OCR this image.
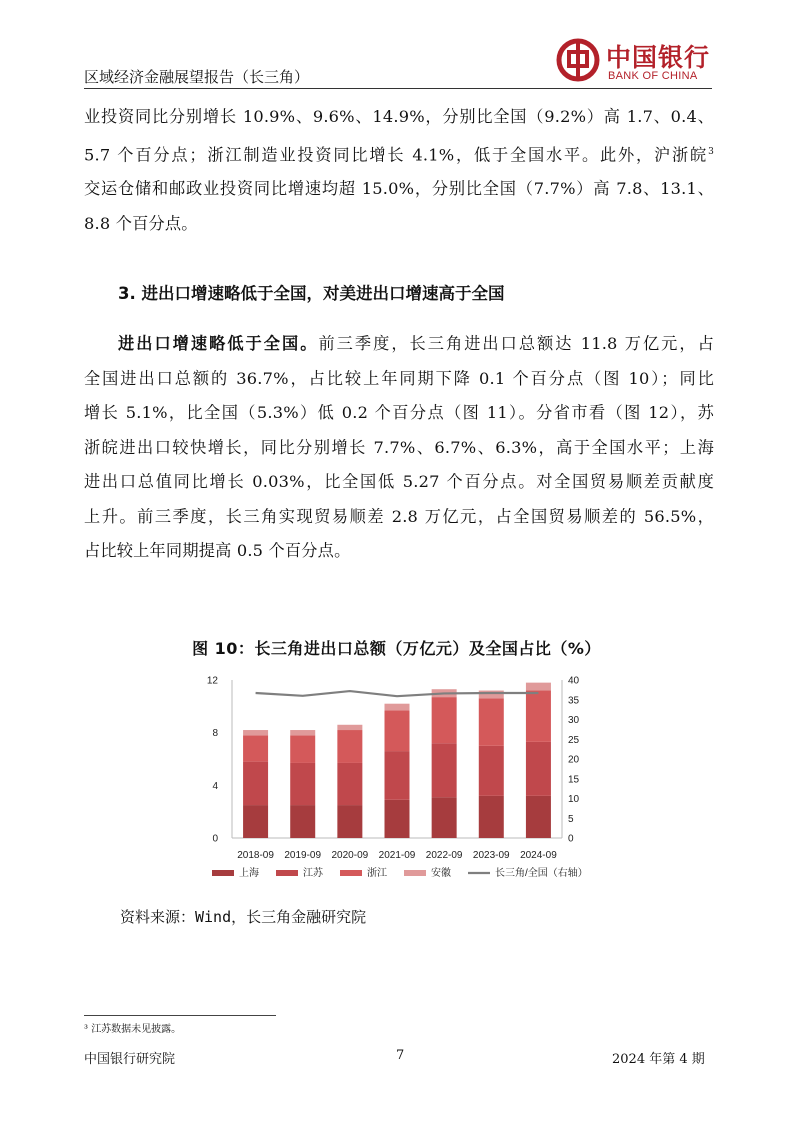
区域经济金融展望报告（长三角）
中国银行
BANK OF CHINA
业投资同比分别增长 10.9%、9.6%、14.9%，分别比全国（9.2%）高 1.7、0.4、
5.7 个百分点；浙江制造业投资同比增长 4.1%，低于全国水平。此外，沪浙皖$^3$
交运仓储和邮政业投资同比增速均超 15.0%，分别比全国（7.7%）高 7.8、13.1、
8.8 个百分点。
3. 进出口增速略低于全国，对美进出口增速高于全国
进出口增速略低于全国。前三季度，长三角进出口总额达 11.8 万亿元，占
全国进出口总额的 36.7%，占比较上年同期下降 0.1 个百分点（图 10）；同比
增长 5.1%，比全国（5.3%）低 0.2 个百分点（图 11）。分省市看（图 12），苏
浙皖进出口较快增长，同比分别增长 7.7%、6.7%、6.3%，高于全国水平；上海
进出口总值同比增长 0.03%，比全国低 5.27 个百分点。对全国贸易顺差贡献度
上升。前三季度，长三角实现贸易顺差 2.8 万亿元，占全国贸易顺差的 56.5%，
占比较上年同期提高 0.5 个百分点。
图 10：长三角进出口总额（万亿元）及全国占比（%）
0
4
8
12
0
5
10
15
20
25
30
35
40
2018-09 2019-09 2020-09 2021-09 2022-09 2023-09 2024-09
上海	江苏	浙江	安徽	长三角/全国（右轴）
资料来源：Wind，长三角金融研究院
³ 江苏数据未见披露。
中国银行研究院	7	2024 年第 4 期
